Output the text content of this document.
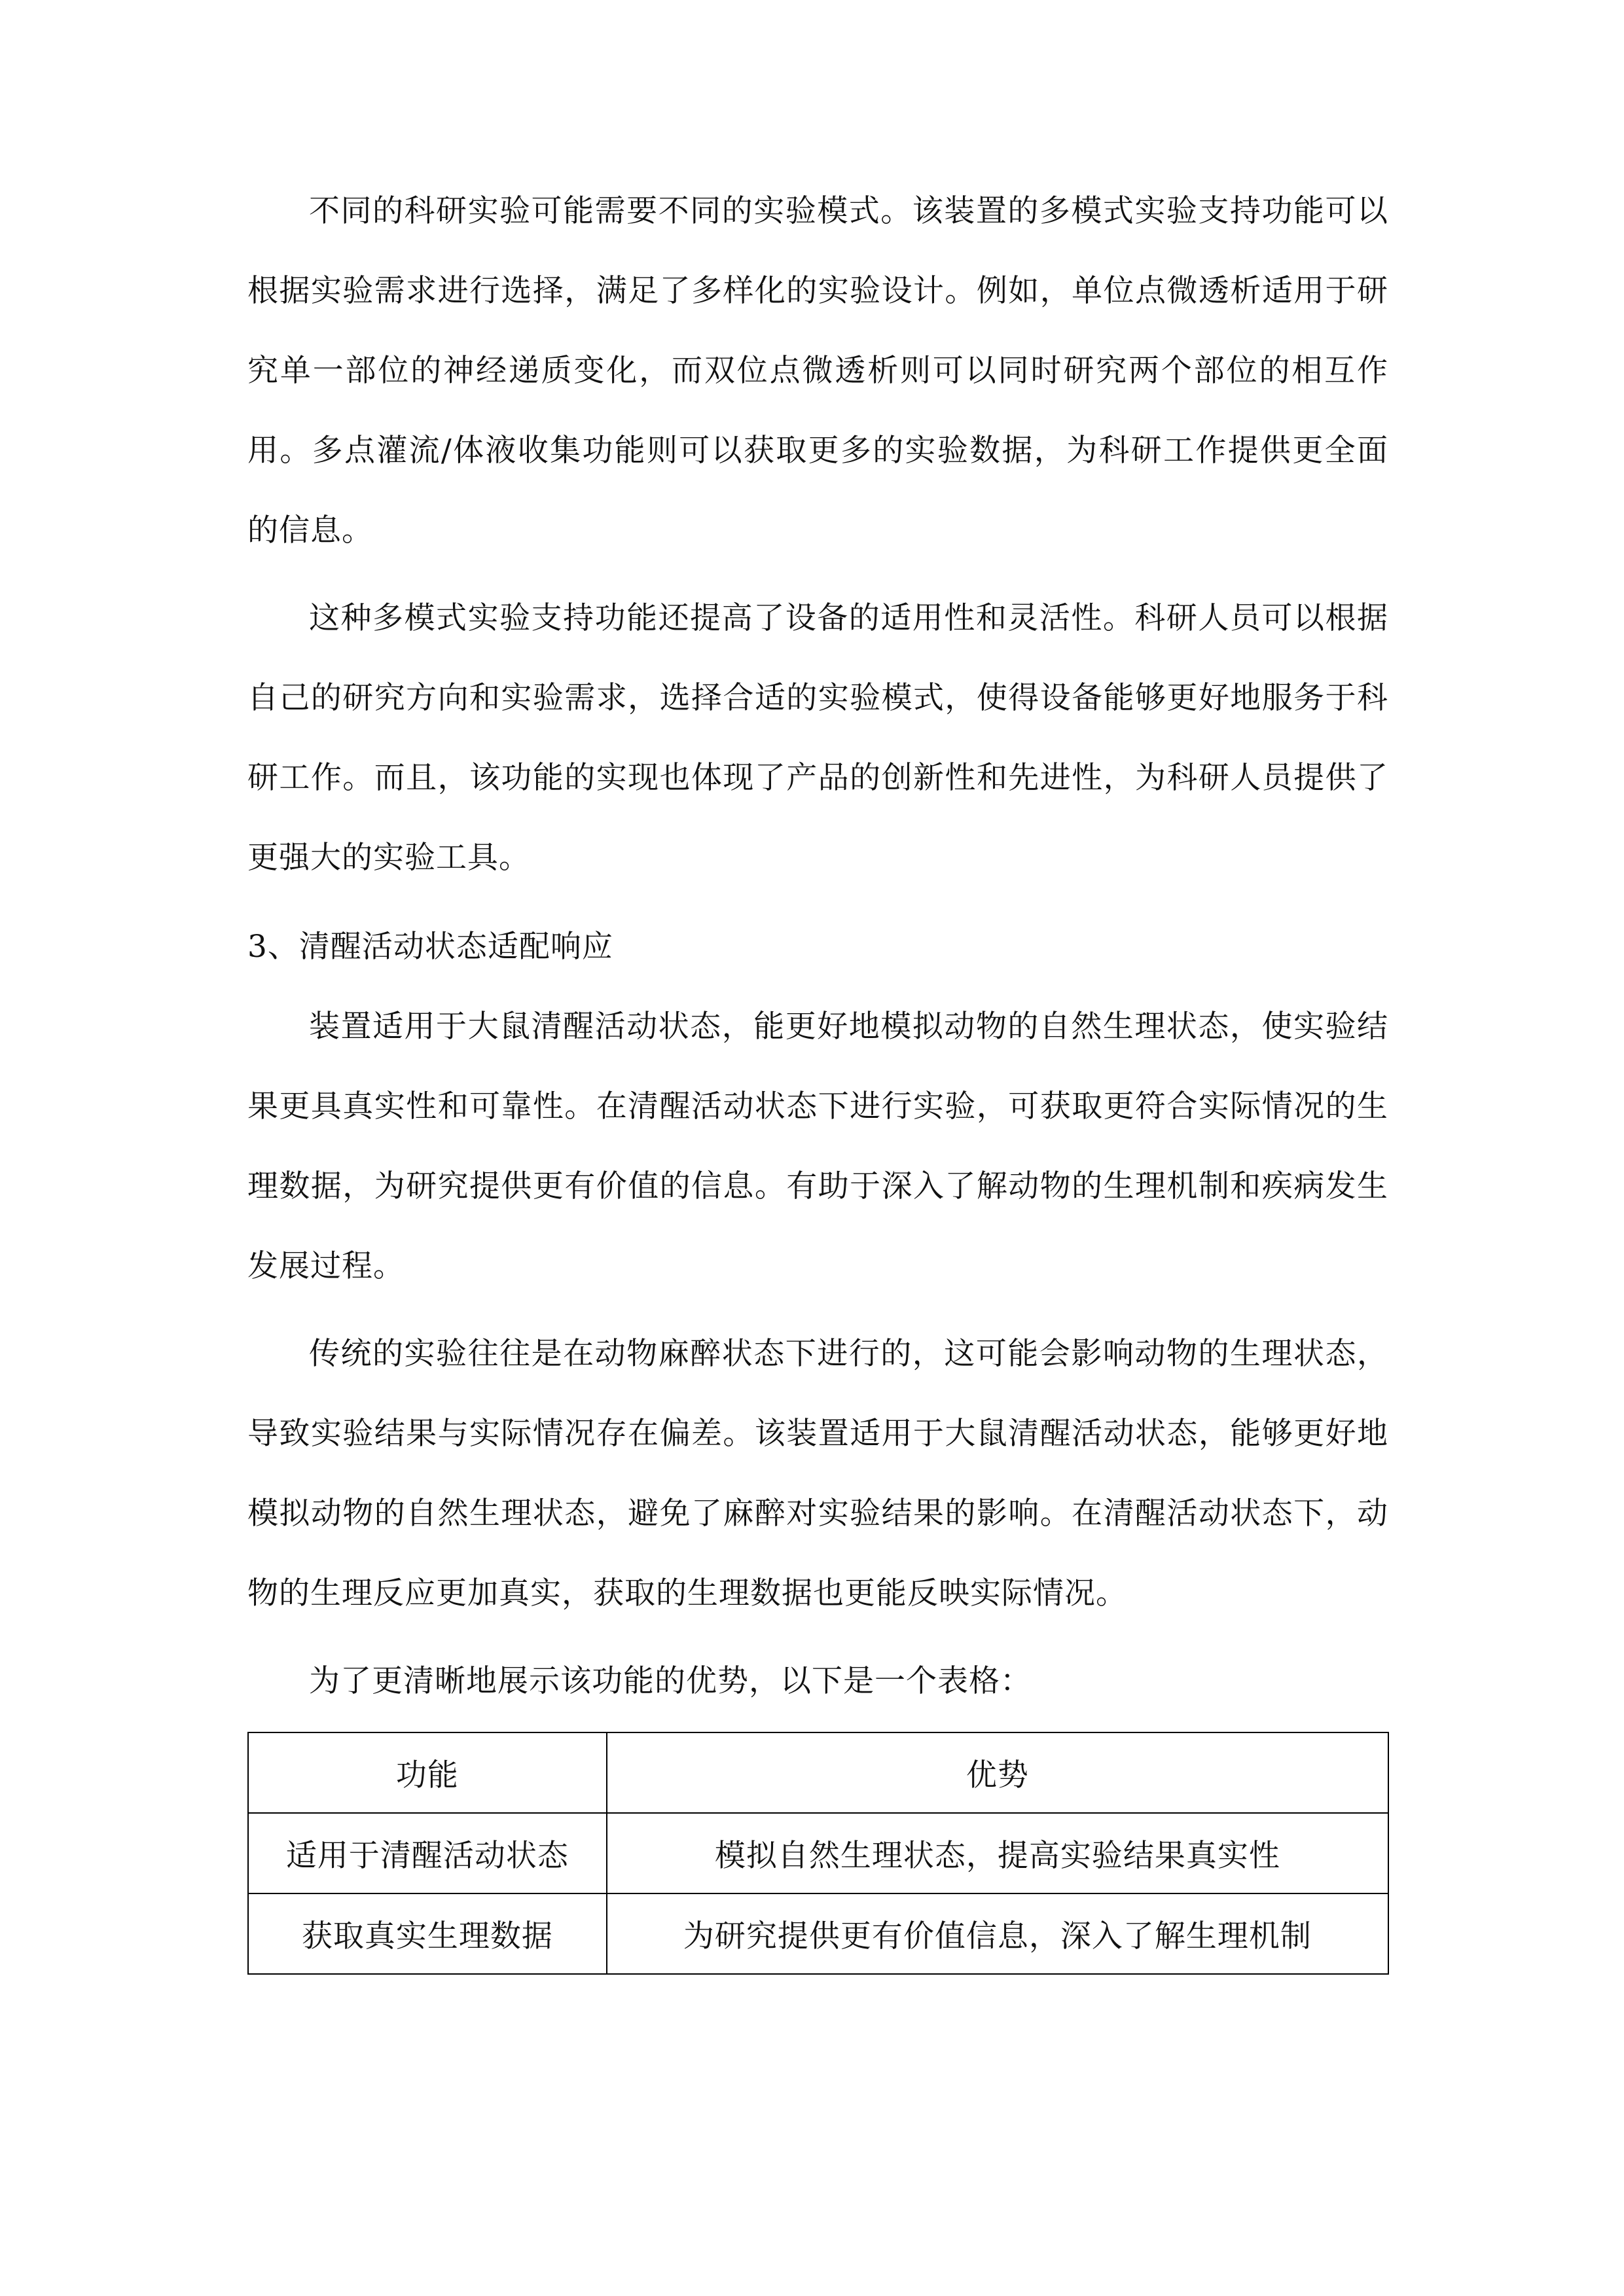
不同的科研实验可能需要不同的实验模式。该装置的多模式实验支持功能可以根据实验需求进行选择，满足了多样化的实验设计。例如，单位点微透析适用于研究单一部位的神经递质变化，而双位点微透析则可以同时研究两个部位的相互作用。多点灌流/体液收集功能则可以获取更多的实验数据，为科研工作提供更全面的信息。

这种多模式实验支持功能还提高了设备的适用性和灵活性。科研人员可以根据自己的研究方向和实验需求，选择合适的实验模式，使得设备能够更好地服务于科研工作。而且，该功能的实现也体现了产品的创新性和先进性，为科研人员提供了更强大的实验工具。

3、清醒活动状态适配响应

装置适用于大鼠清醒活动状态，能更好地模拟动物的自然生理状态，使实验结果更具真实性和可靠性。在清醒活动状态下进行实验，可获取更符合实际情况的生理数据，为研究提供更有价值的信息。有助于深入了解动物的生理机制和疾病发生发展过程。

传统的实验往往是在动物麻醉状态下进行的，这可能会影响动物的生理状态，导致实验结果与实际情况存在偏差。该装置适用于大鼠清醒活动状态，能够更好地模拟动物的自然生理状态，避免了麻醉对实验结果的影响。在清醒活动状态下，动物的生理反应更加真实，获取的生理数据也更能反映实际情况。

为了更清晰地展示该功能的优势，以下是一个表格：

功能	优势
适用于清醒活动状态	模拟自然生理状态，提高实验结果真实性
获取真实生理数据	为研究提供更有价值信息，深入了解生理机制
